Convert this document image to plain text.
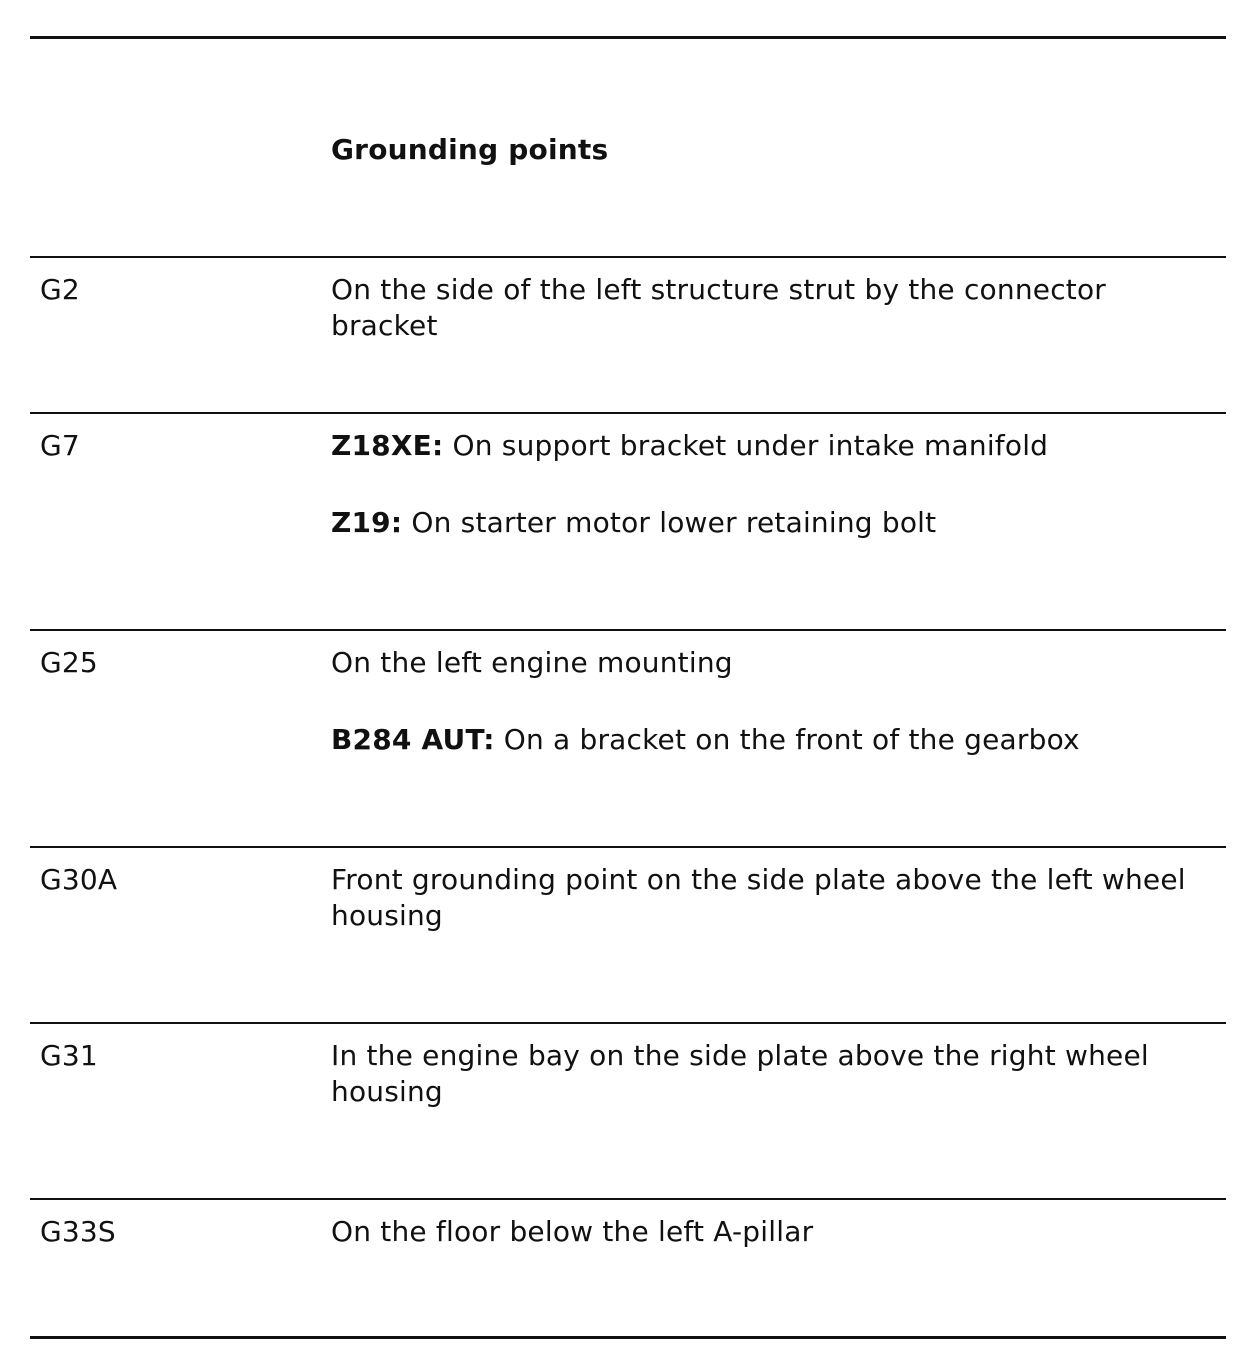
Grounding points
G2	On the side of the left structure strut by the connector bracket

G7	Z18XE: On support bracket under intake manifold

Z19: On starter motor lower retaining bolt

G25	On the left engine mounting

B284 AUT: On a bracket on the front of the gearbox

G30A	Front grounding point on the side plate above the left wheel housing

G31	In the engine bay on the side plate above the right wheel housing

G33S	On the floor below the left A-pillar
